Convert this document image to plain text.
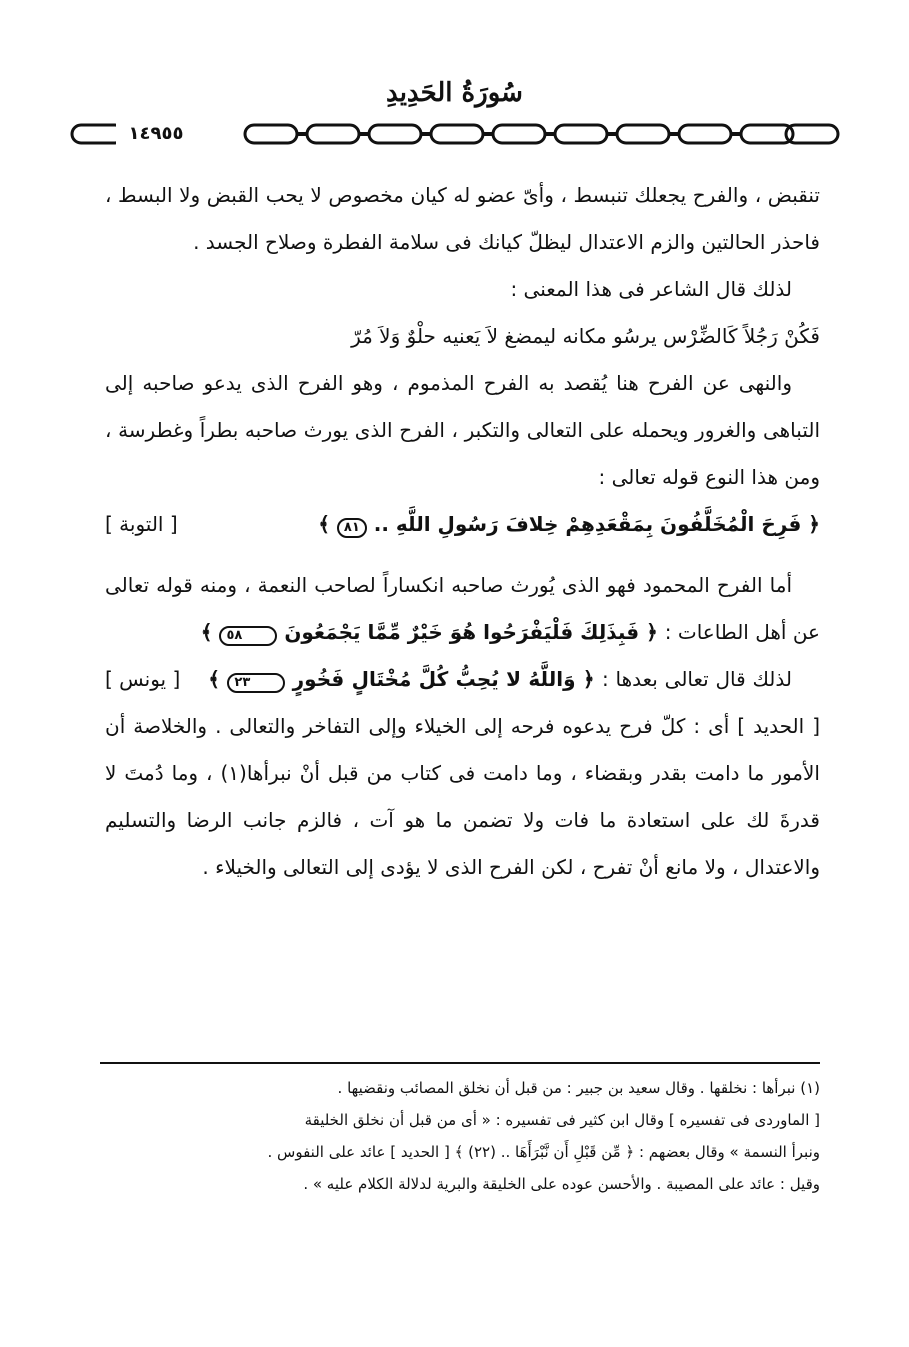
سُورَةُ الحَدِيدِ
١٤٩٥٥

تنقبض ، والفرح يجعلك تنبسط ، وأىّ عضو له كيان مخصوص لا يحب القبض ولا البسط ، فاحذر الحالتين والزم الاعتدال ليظلّ كيانك فى سلامة الفطرة وصلاح الجسد .

لذلك قال الشاعر فى هذا المعنى :

فَكُنْ رَجُلاً كَالضِّرْس يرسُو مكانه ليمضغ لاَ يَعنيه حلْوٌ وَلاَ مُرّ

والنهى عن الفرح هنا يُقصد به الفرح المذموم ، وهو الفرح الذى يدعو صاحبه إلى التباهى والغرور ويحمله على التعالى والتكبر ، الفرح الذى يورث صاحبه بطراً وغطرسة ، ومن هذا النوع قوله تعالى :

﴿ فَرِحَ الْمُخَلَّفُونَ بِمَقْعَدِهِمْ خِلافَ رَسُولِ اللَّهِ .. ٨١ ﴾
[ التوبة ]

أما الفرح المحمود فهو الذى يُورث صاحبه انكساراً لصاحب النعمة ، ومنه قوله تعالى عن أهل الطاعات : ﴿ فَبِذَلِكَ فَلْيَفْرَحُوا هُوَ خَيْرٌ مِّمَّا يَجْمَعُونَ ٥٨ ﴾
[ يونس ]	لذلك قال تعالى بعدها : ﴿ وَاللَّهُ لا يُحِبُّ كُلَّ مُخْتَالٍ فَخُورٍ ٢٣ ﴾ [ الحديد ] أى : كلّ فرح يدعوه فرحه إلى الخيلاء وإلى التفاخر والتعالى . والخلاصة أن الأمور ما دامت بقدر وبقضاء ، وما دامت فى كتاب من قبل أنْ نبرأها(١) ، وما دُمتَ لا قدرةَ لك على استعادة ما فات ولا تضمن ما هو آت ، فالزم جانب الرضا والتسليم والاعتدال ، ولا مانع أنْ تفرح ، لكن الفرح الذى لا يؤدى إلى التعالى والخيلاء .

(١) نبرأها : نخلقها . وقال سعيد بن جبير : من قبل أن نخلق المصائب ونقضيها .

[ الماوردى فى تفسيره ] وقال ابن كثير فى تفسيره : « أى من قبل أن نخلق الخليقة

ونبرأ النسمة » وقال بعضهم : ﴿ مِّن قَبْلِ أَن نَّبْرَأَهَا .. (٢٢) ﴾ [ الحديد ] عائد على النفوس .

وقيل : عائد على المصيبة . والأحسن عوده على الخليقة والبرية لدلالة الكلام عليه » .
